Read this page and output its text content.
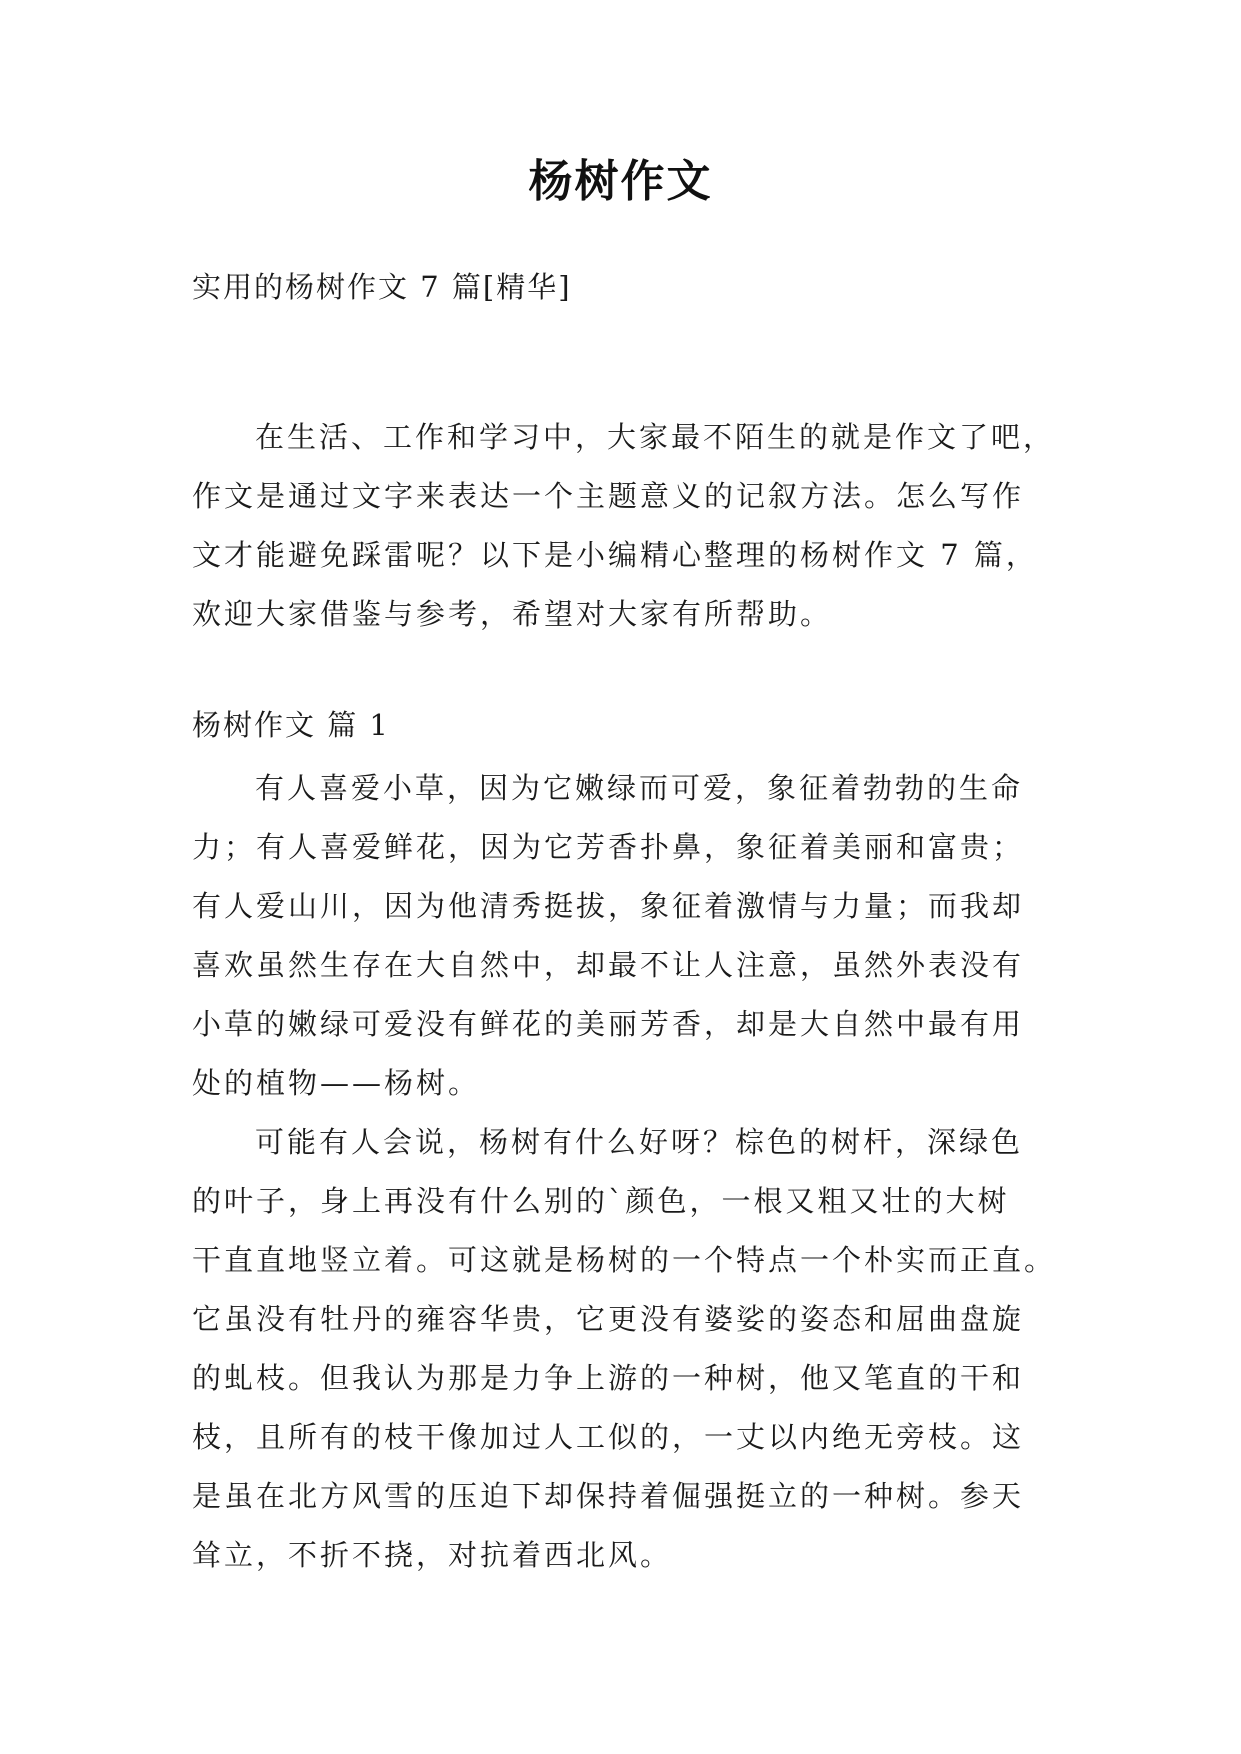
杨树作文
实用的杨树作文 7 篇[精华]
在生活、工作和学习中，大家最不陌生的就是作文了吧，
作文是通过文字来表达一个主题意义的记叙方法。怎么写作
文才能避免踩雷呢？以下是小编精心整理的杨树作文 7 篇，
欢迎大家借鉴与参考，希望对大家有所帮助。
杨树作文 篇 1
有人喜爱小草，因为它嫩绿而可爱，象征着勃勃的生命
力；有人喜爱鲜花，因为它芳香扑鼻，象征着美丽和富贵；
有人爱山川，因为他清秀挺拔，象征着激情与力量；而我却
喜欢虽然生存在大自然中，却最不让人注意，虽然外表没有
小草的嫩绿可爱没有鲜花的美丽芳香，却是大自然中最有用
处的植物——杨树。
可能有人会说，杨树有什么好呀？棕色的树杆，深绿色
的叶子，身上再没有什么别的`颜色，一根又粗又壮的大树
干直直地竖立着。可这就是杨树的一个特点一个朴实而正直。
它虽没有牡丹的雍容华贵，它更没有婆娑的姿态和屈曲盘旋
的虬枝。但我认为那是力争上游的一种树，他又笔直的干和
枝，且所有的枝干像加过人工似的，一丈以内绝无旁枝。这
是虽在北方风雪的压迫下却保持着倔强挺立的一种树。参天
耸立，不折不挠，对抗着西北风。
